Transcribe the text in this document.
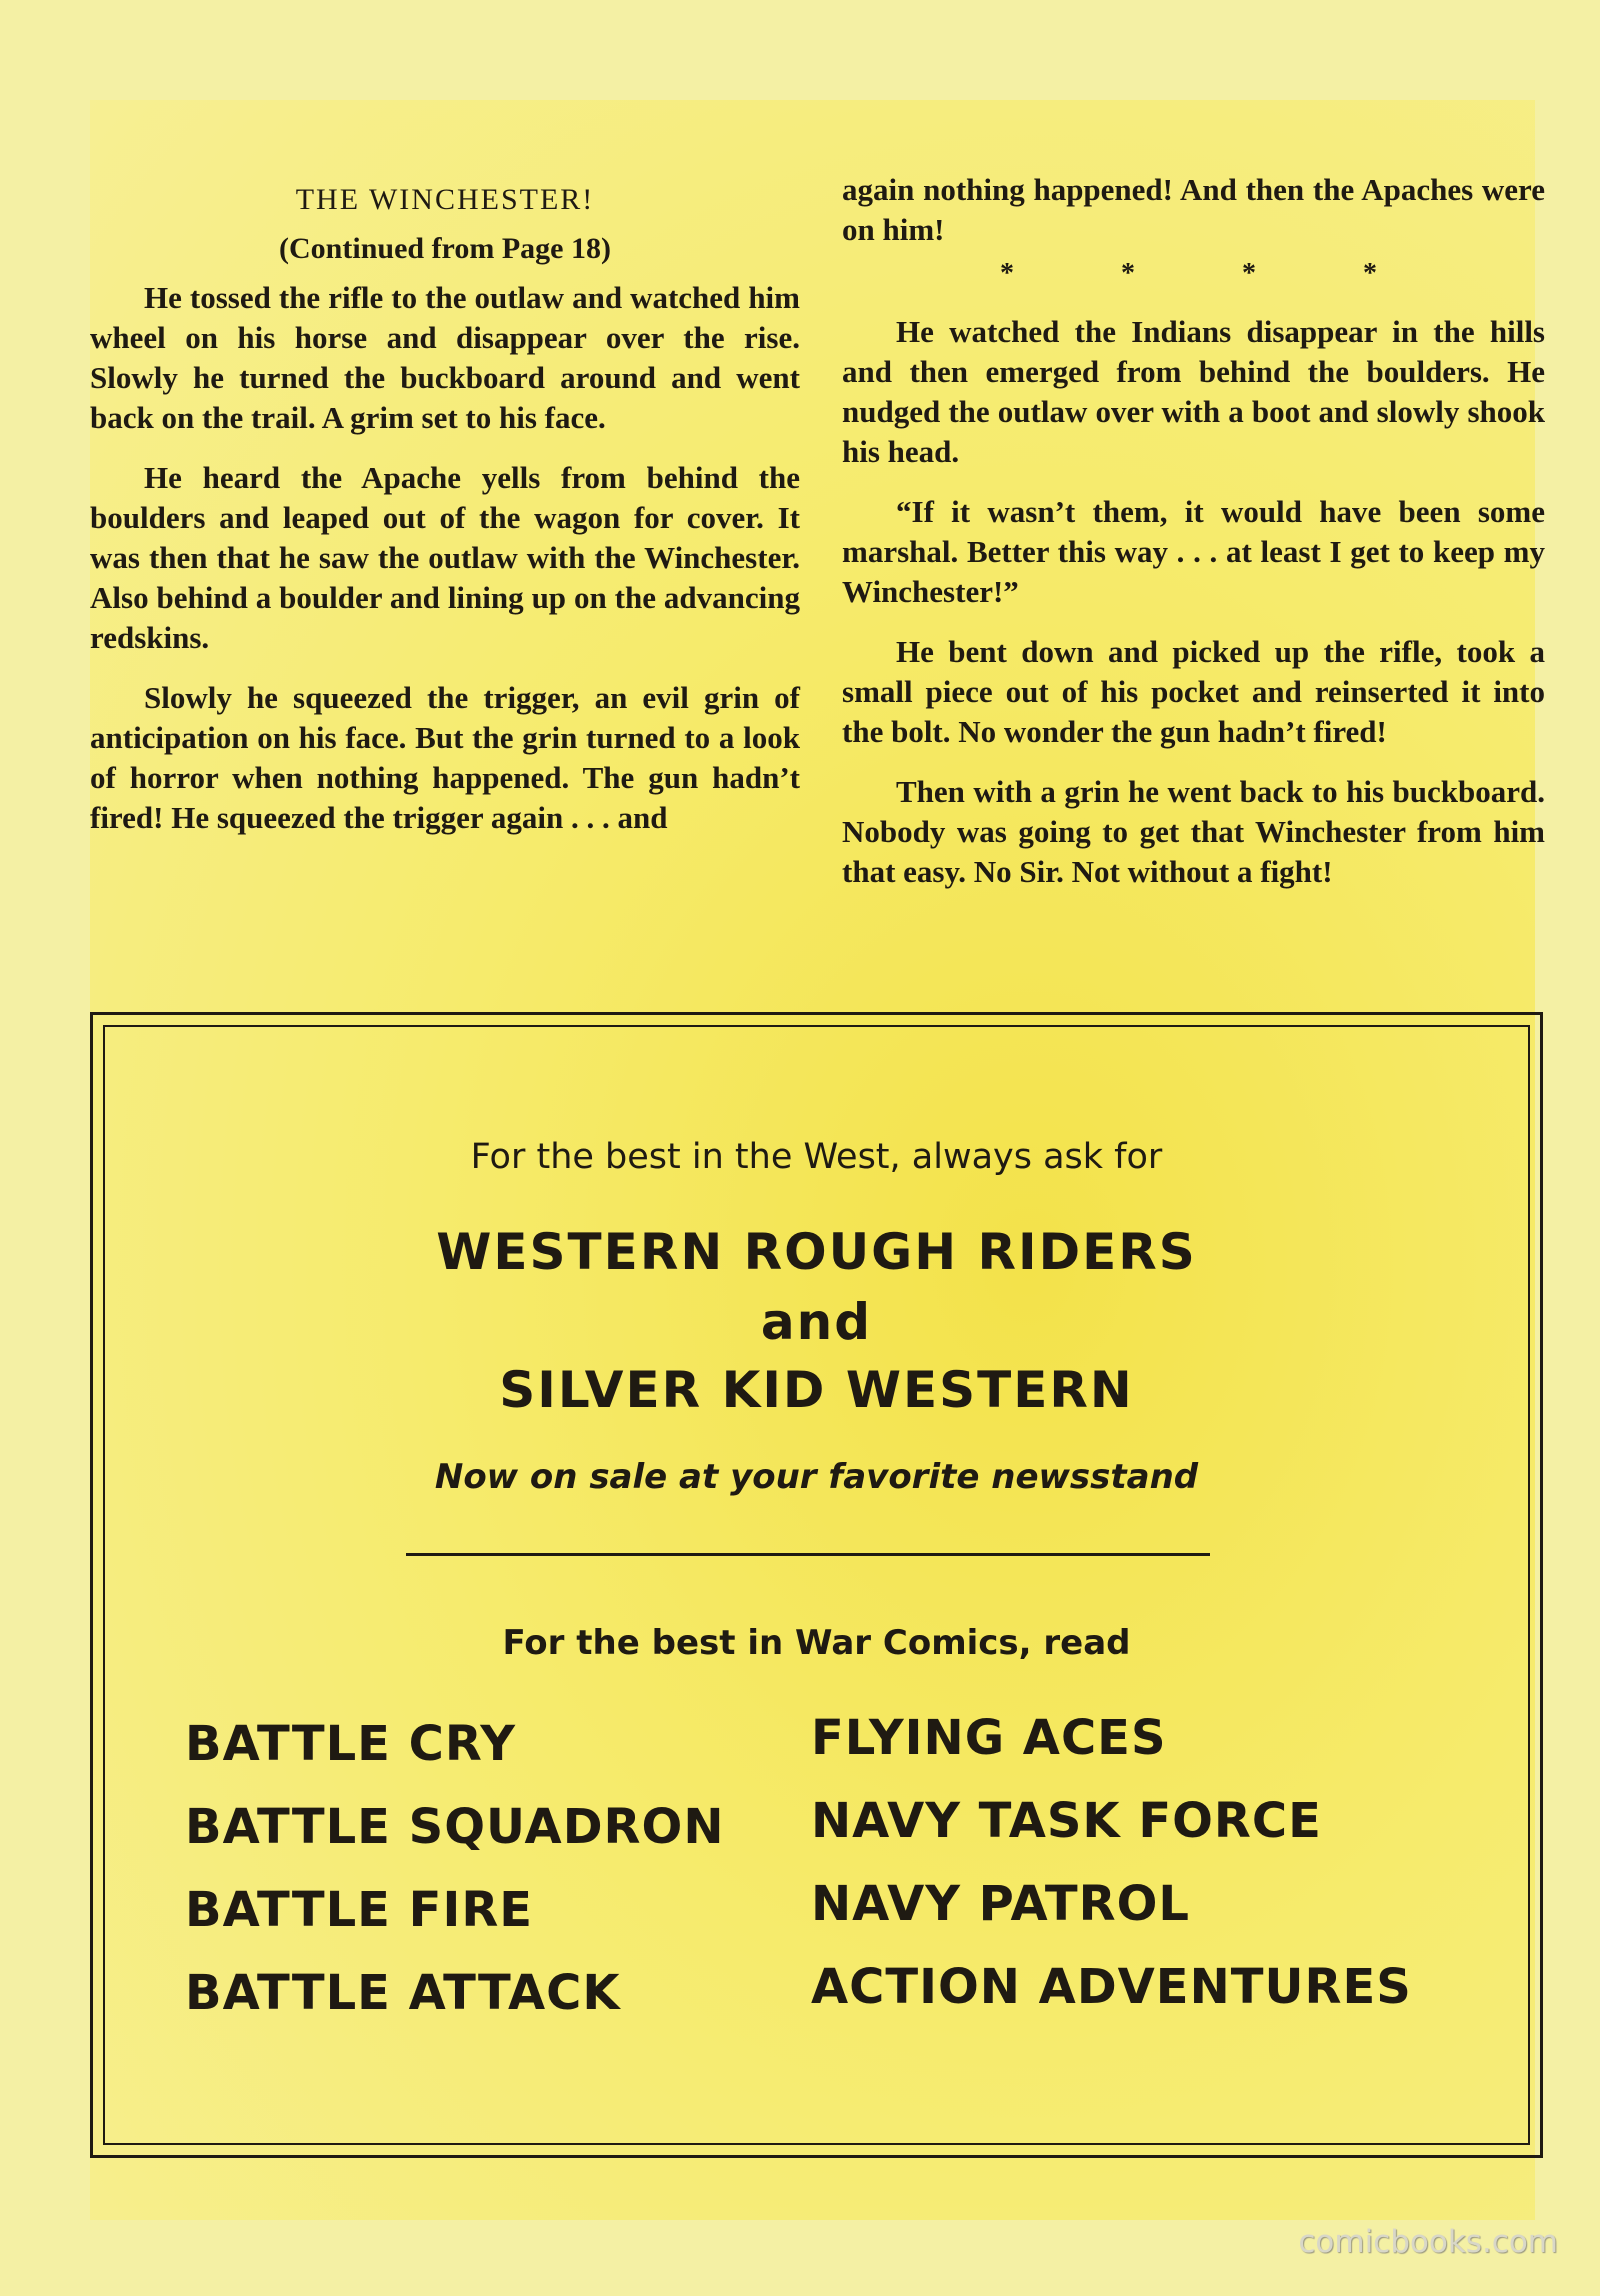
THE WINCHESTER!
(Continued from Page 18)

He tossed the rifle to the outlaw and watched him wheel on his horse and disappear over the rise. Slowly he turned the buckboard around and went back on the trail. A grim set to his face.

He heard the Apache yells from behind the boulders and leaped out of the wagon for cover. It was then that he saw the outlaw with the Winchester. Also behind a boulder and lining up on the advancing redskins.

Slowly he squeezed the trigger, an evil grin of anticipation on his face. But the grin turned to a look of horror when nothing happened. The gun hadn’t fired! He squeezed the trigger again . . . and

again nothing happened! And then the Apaches were on him!

* * * *

He watched the Indians disappear in the hills and then emerged from behind the boulders. He nudged the outlaw over with a boot and slowly shook his head.

“If it wasn’t them, it would have been some marshal. Better this way . . . at least I get to keep my Winchester!”

He bent down and picked up the rifle, took a small piece out of his pocket and reinserted it into the bolt. No wonder the gun hadn’t fired!

Then with a grin he went back to his buckboard. Nobody was going to get that Winchester from him that easy. No Sir. Not without a fight!

For the best in the West, always ask for
WESTERN ROUGH RIDERS
and
SILVER KID WESTERN
Now on sale at your favorite newsstand
For the best in War Comics, read
BATTLE CRY
BATTLE SQUADRON
BATTLE FIRE
BATTLE ATTACK
FLYING ACES
NAVY TASK FORCE
NAVY PATROL
ACTION ADVENTURES
comicbooks.com
